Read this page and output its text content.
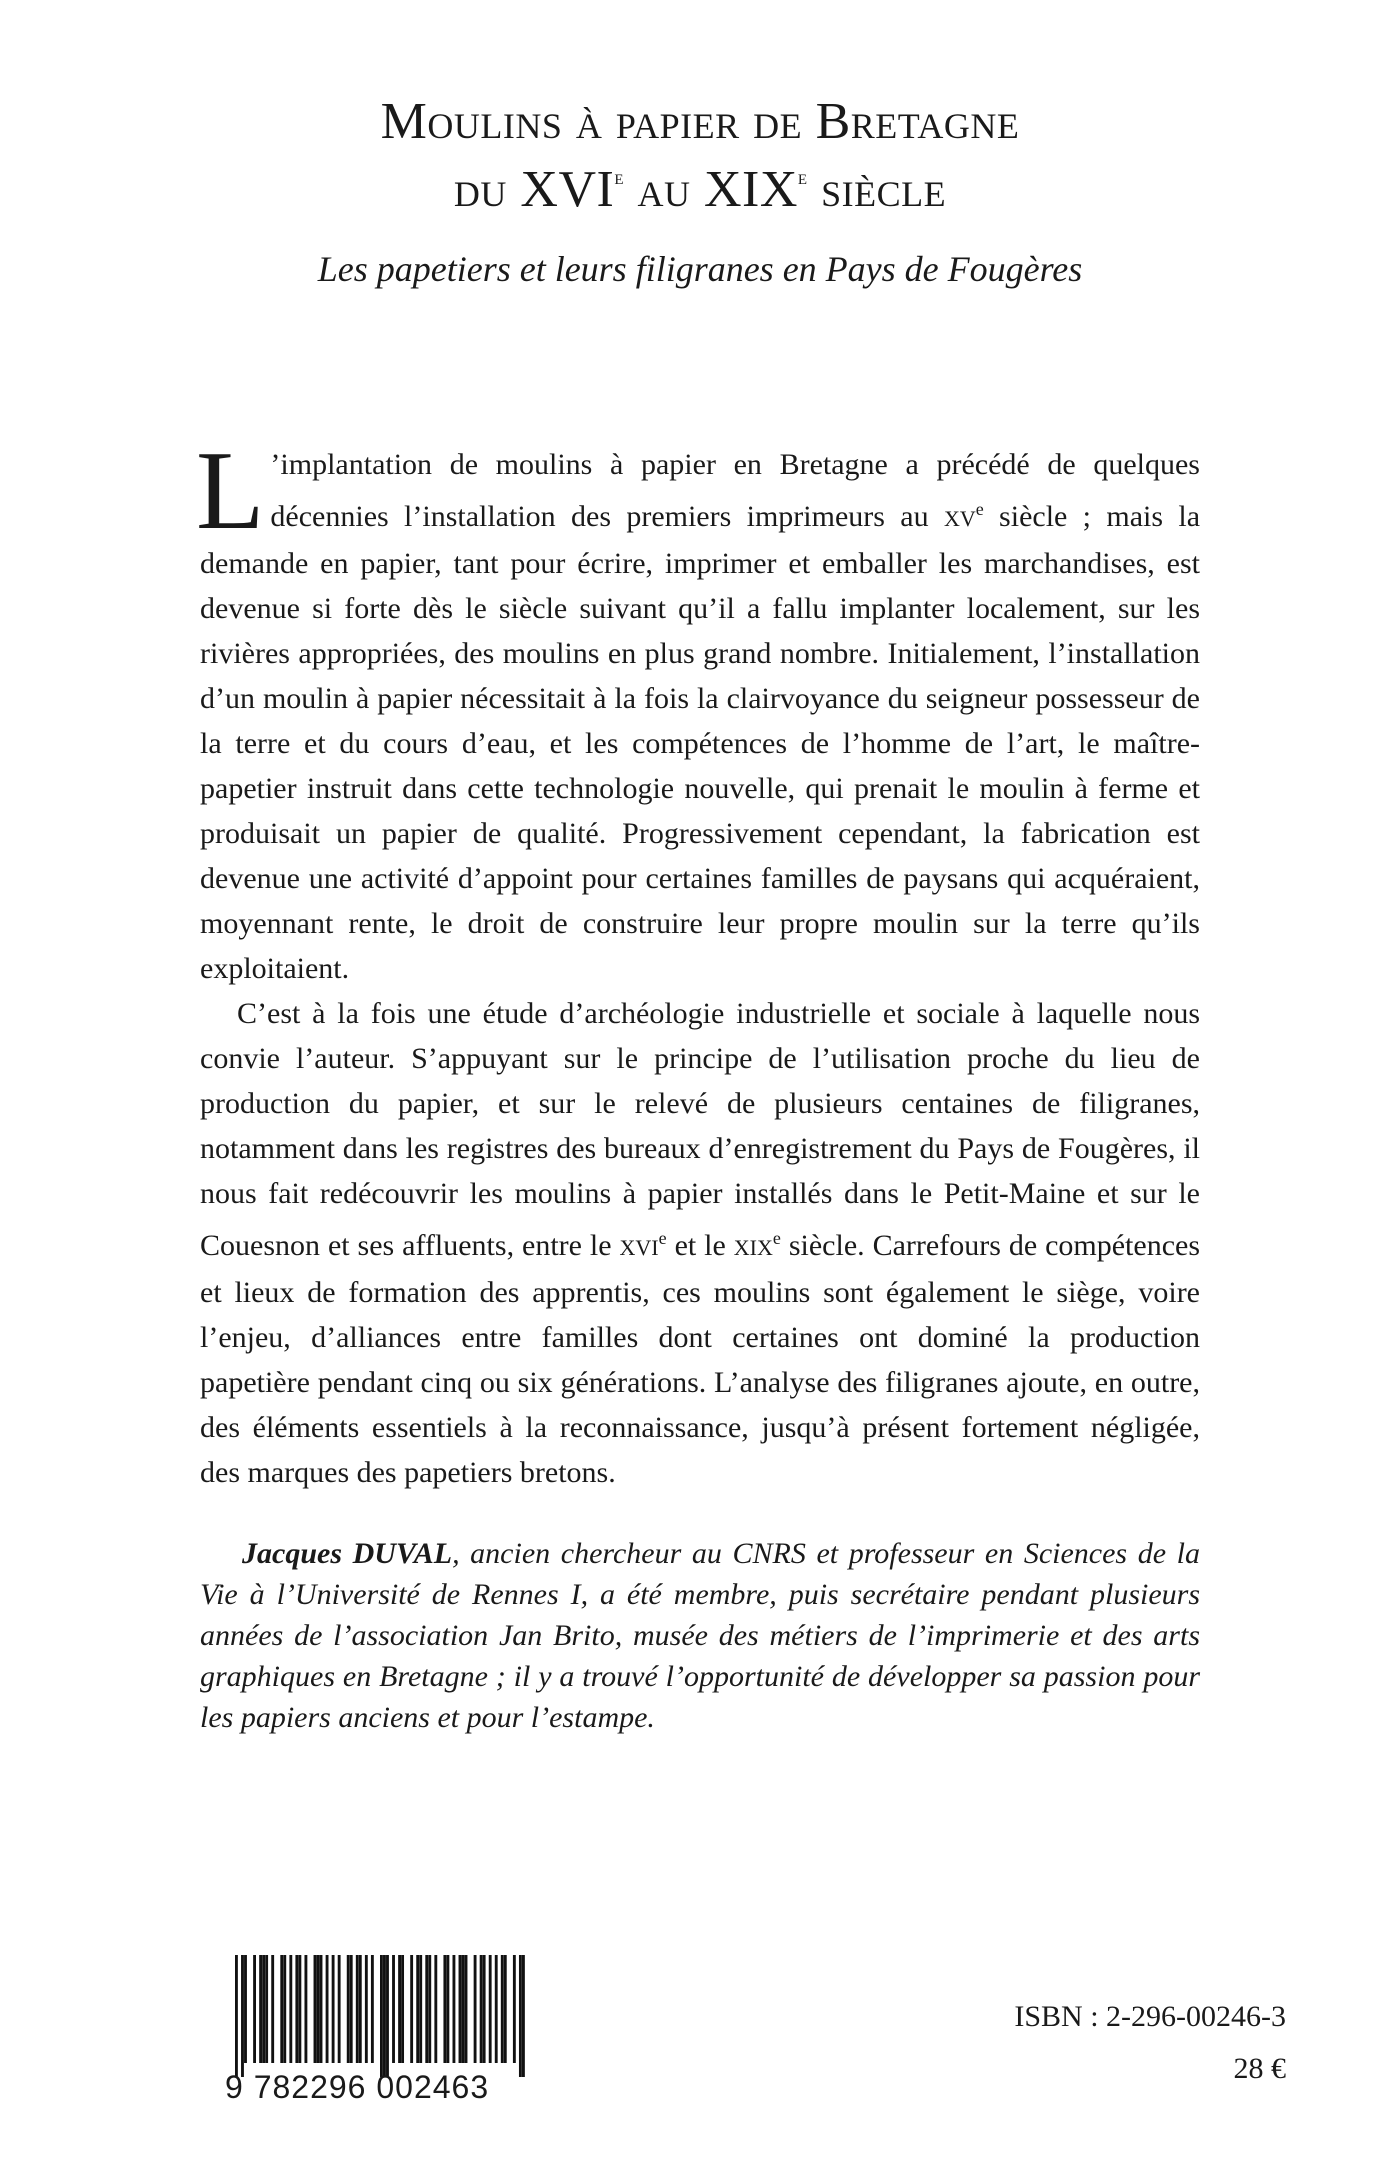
Moulins à papier de Bretagne
du XVIe au XIXe siècle
Les papetiers et leurs filigranes en Pays de Fougères

L ’implantation de moulins à papier en Bretagne a précédé de quelques décennies l’installation des premiers imprimeurs au XVe siècle ; mais la demande en papier, tant pour écrire, imprimer et emballer les marchandises, est devenue si forte dès le siècle suivant qu’il a fallu implanter localement, sur les rivières appropriées, des moulins en plus grand nombre. Initialement, l’installation d’un moulin à papier nécessitait à la fois la clairvoyance du seigneur possesseur de la terre et du cours d’eau, et les compétences de l’homme de l’art, le maître-papetier instruit dans cette technologie nouvelle, qui prenait le moulin à ferme et produisait un papier de qualité. Progressivement cependant, la fabrication est devenue une activité d’appoint pour certaines familles de paysans qui acquéraient, moyennant rente, le droit de construire leur propre moulin sur la terre qu’ils exploitaient.

C’est à la fois une étude d’archéologie industrielle et sociale à laquelle nous convie l’auteur. S’appuyant sur le principe de l’utilisation proche du lieu de production du papier, et sur le relevé de plusieurs centaines de filigranes, notamment dans les registres des bureaux d’enregistrement du Pays de Fougères, il nous fait redécouvrir les moulins à papier installés dans le Petit-Maine et sur le Couesnon et ses affluents, entre le XVIe et le XIXe siècle. Carrefours de compétences et lieux de formation des apprentis, ces moulins sont également le siège, voire l’enjeu, d’alliances entre familles dont certaines ont dominé la production papetière pendant cinq ou six générations. L’analyse des filigranes ajoute, en outre, des éléments essentiels à la reconnaissance, jusqu’à présent fortement négligée, des marques des papetiers bretons.

Jacques DUVAL, ancien chercheur au CNRS et professeur en Sciences de la Vie à l’Université de Rennes I, a été membre, puis secrétaire pendant plusieurs années de l’association Jan Brito, musée des métiers de l’imprimerie et des arts graphiques en Bretagne ; il y a trouvé l’opportunité de développer sa passion pour les papiers anciens et pour l’estampe.
9 782296 002463
ISBN : 2-296-00246-3
28 €
